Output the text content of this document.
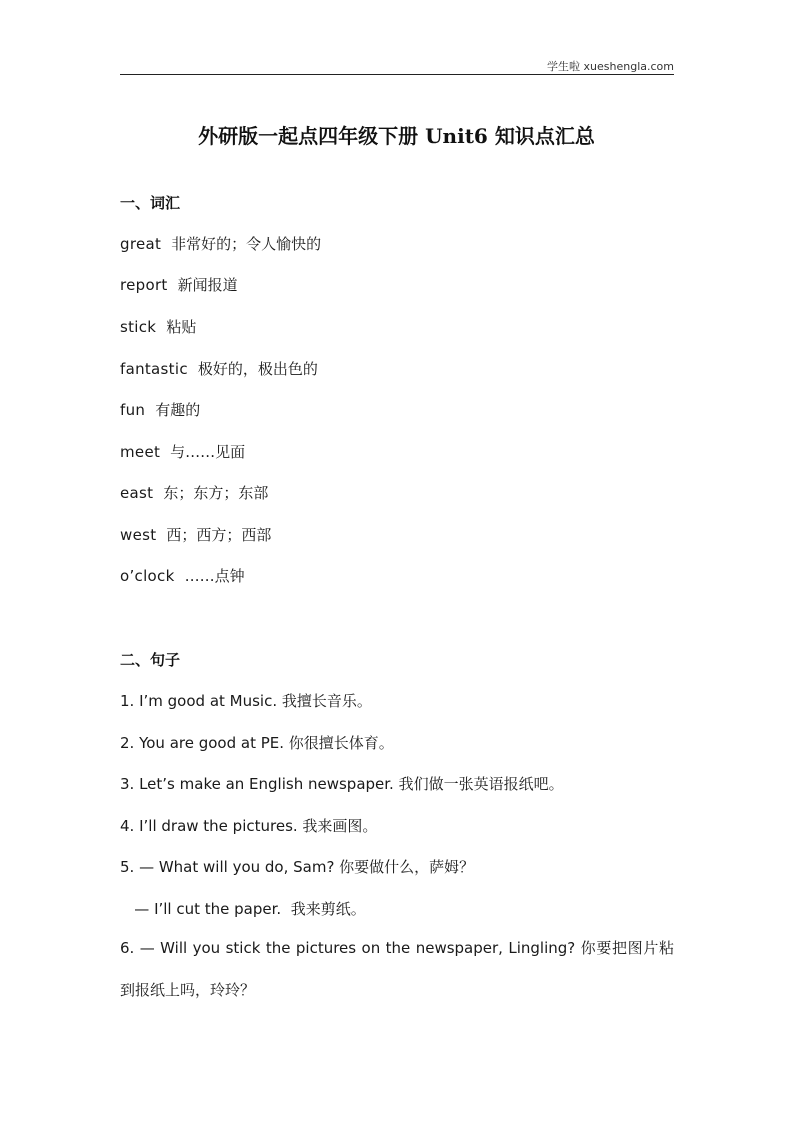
学生啦 xueshengla.com
外研版一起点四年级下册 Unit6 知识点汇总
一、词汇
great 非常好的；令人愉快的
report 新闻报道
stick 粘贴
fantastic 极好的，极出色的
fun 有趣的
meet 与……见面
east 东；东方；东部
west 西；西方；西部
o’clock ……点钟
二、句子
1. I’m good at Music. 我擅长音乐。
2. You are good at PE. 你很擅长体育。
3. Let’s make an English newspaper. 我们做一张英语报纸吧。
4. I’ll draw the pictures. 我来画图。
5. — What will you do, Sam? 你要做什么，萨姆？
— I’ll cut the paper.  我来剪纸。
6. — Will you stick the pictures on the newspaper, Lingling? 你要把图片粘到报纸上吗，玲玲？
